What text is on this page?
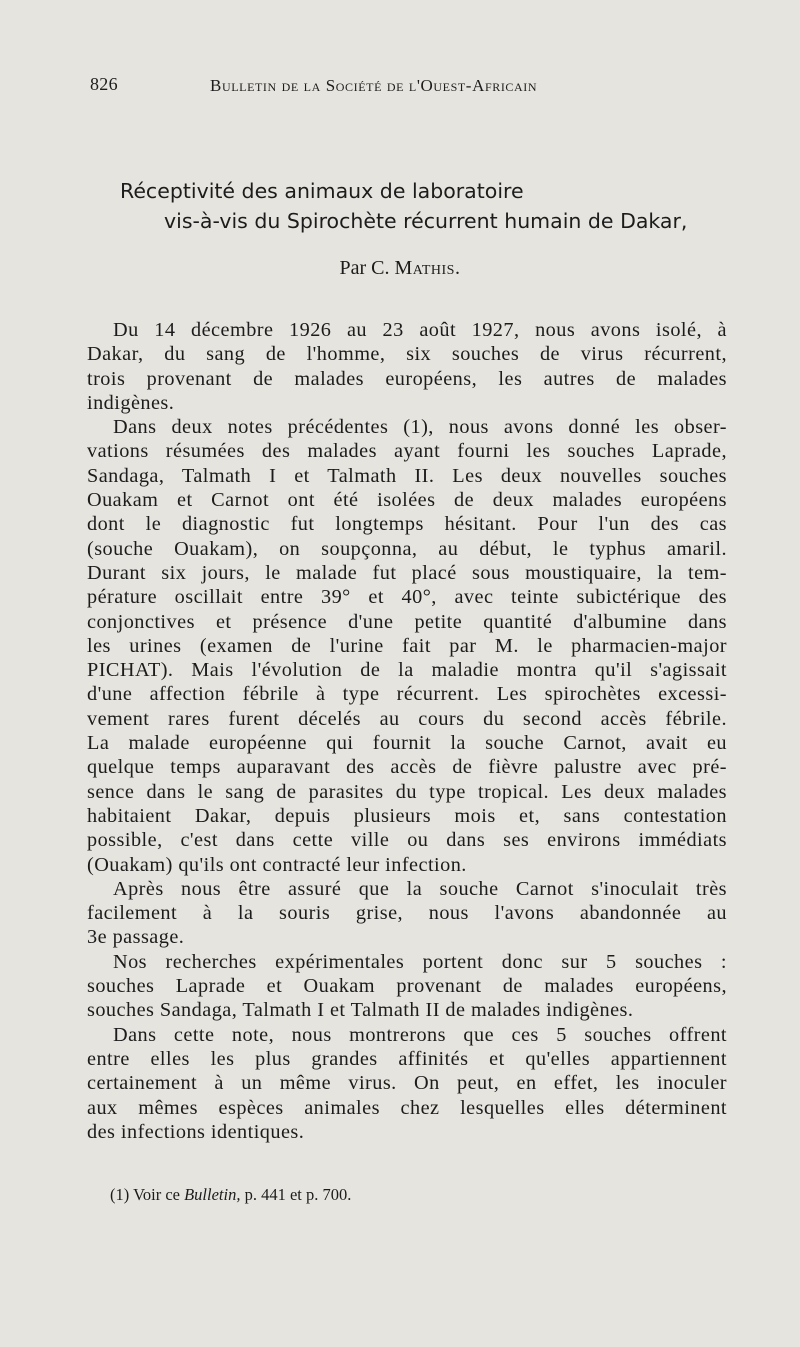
826	Bulletin de la Société de l'Ouest-Africain
Réceptivité des animaux de laboratoire
vis-à-vis du Spirochète récurrent humain de Dakar,
Par C. Mathis.

Du 14 décembre 1926 au 23 août 1927, nous avons isolé, à
Dakar, du sang de l'homme, six souches de virus récurrent,
trois provenant de malades européens, les autres de malades
indigènes.

Dans deux notes précédentes (1), nous avons donné les obser-
vations résumées des malades ayant fourni les souches Laprade,
Sandaga, Talmath I et Talmath II. Les deux nouvelles souches
Ouakam et Carnot ont été isolées de deux malades européens
dont le diagnostic fut longtemps hésitant. Pour l'un des cas
(souche Ouakam), on soupçonna, au début, le typhus amaril.
Durant six jours, le malade fut placé sous moustiquaire, la tem-
pérature oscillait entre 39° et 40°, avec teinte subictérique des
conjonctives et présence d'une petite quantité d'albumine dans
les urines (examen de l'urine fait par M. le pharmacien-major
PICHAT). Mais l'évolution de la maladie montra qu'il s'agissait
d'une affection fébrile à type récurrent. Les spirochètes excessi-
vement rares furent décelés au cours du second accès fébrile.
La malade européenne qui fournit la souche Carnot, avait eu
quelque temps auparavant des accès de fièvre palustre avec pré-
sence dans le sang de parasites du type tropical. Les deux malades
habitaient Dakar, depuis plusieurs mois et, sans contestation
possible, c'est dans cette ville ou dans ses environs immédiats
(Ouakam) qu'ils ont contracté leur infection.

Après nous être assuré que la souche Carnot s'inoculait très
facilement à la souris grise, nous l'avons abandonnée au
3e passage.

Nos recherches expérimentales portent donc sur 5 souches :
souches Laprade et Ouakam provenant de malades européens,
souches Sandaga, Talmath I et Talmath II de malades indigènes.

Dans cette note, nous montrerons que ces 5 souches offrent
entre elles les plus grandes affinités et qu'elles appartiennent
certainement à un même virus. On peut, en effet, les inoculer
aux mêmes espèces animales chez lesquelles elles déterminent
des infections identiques.

(1) Voir ce Bulletin, p. 441 et p. 700.
